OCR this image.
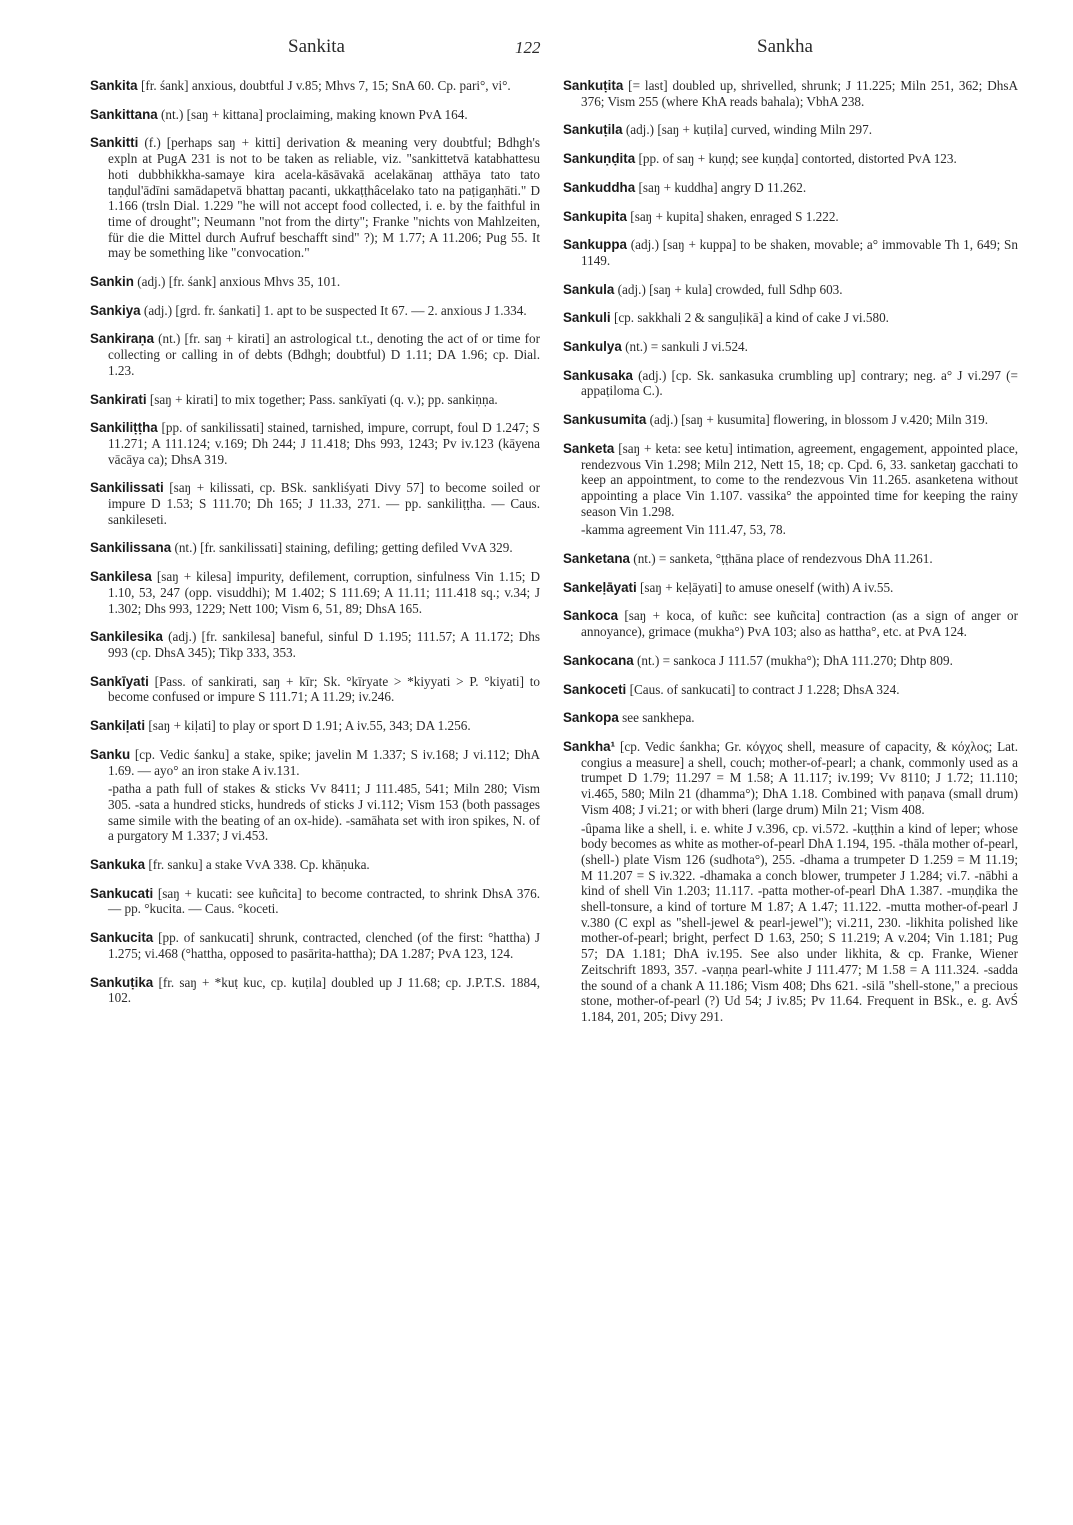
Sankita	122	Sankha

Sankita [fr. śank] anxious, doubtful J v.85; Mhvs 7, 15; SnA 60. Cp. pari°, vi°.

Sankittana (nt.) [saŋ + kittana] proclaiming, making known PvA 164.

Sankitti (f.) [perhaps saŋ + kitti] derivation & meaning very doubtful; Bdhgh's expln at PugA 231 is not to be taken as reliable, viz. "sankittetvā katabhattesu hoti dubbhikkha-samaye kira acela-kāsāvakā acelakānaŋ atthāya tato tato taṇḍul'ādīni samādapetvā bhattaŋ pacanti, ukkaṭṭhâcelako tato na paṭigaṇhāti." D 1.166 (trsln Dial. 1.229 "he will not accept food collected, i. e. by the faithful in time of drought"; Neumann "not from the dirty"; Franke "nichts von Mahlzeiten, für die die Mittel durch Aufruf beschafft sind" ?); M 1.77; A 11.206; Pug 55. It may be something like "convocation."

Sankin (adj.) [fr. śank] anxious Mhvs 35, 101.

Sankiya (adj.) [grd. fr. śankati] 1. apt to be suspected It 67. — 2. anxious J 1.334.

Sankiraṇa (nt.) [fr. saŋ + kirati] an astrological t.t., denoting the act of or time for collecting or calling in of debts (Bdhgh; doubtful) D 1.11; DA 1.96; cp. Dial. 1.23.

Sankirati [saŋ + kirati] to mix together; Pass. sankīyati (q. v.); pp. sankiṇṇa.

Sankiliṭṭha [pp. of sankilissati] stained, tarnished, impure, corrupt, foul D 1.247; S 11.271; A 111.124; v.169; Dh 244; J 11.418; Dhs 993, 1243; Pv iv.123 (kāyena vācāya ca); DhsA 319.

Sankilissati [saŋ + kilissati, cp. BSk. sankliśyati Divy 57] to become soiled or impure D 1.53; S 111.70; Dh 165; J 11.33, 271. — pp. sankiliṭṭha. — Caus. sankileseti.

Sankilissana (nt.) [fr. sankilissati] staining, defiling; getting defiled VvA 329.

Sankilesa [saŋ + kilesa] impurity, defilement, corruption, sinfulness Vin 1.15; D 1.10, 53, 247 (opp. visuddhi); M 1.402; S 111.69; A 11.11; 111.418 sq.; v.34; J 1.302; Dhs 993, 1229; Nett 100; Vism 6, 51, 89; DhsA 165.

Sankilesika (adj.) [fr. sankilesa] baneful, sinful D 1.195; 111.57; A 11.172; Dhs 993 (cp. DhsA 345); Tikp 333, 353.

Sankīyati [Pass. of sankirati, saŋ + kīr; Sk. °kīryate > *kiyyati > P. °kiyati] to become confused or impure S 111.71; A 11.29; iv.246.

Sankiḷati [saŋ + kiḷati] to play or sport D 1.91; A iv.55, 343; DA 1.256.

Sanku [cp. Vedic śanku] a stake, spike; javelin M 1.337; S iv.168; J vi.112; DhA 1.69. — ayo° an iron stake A iv.131.

-patha a path full of stakes & sticks Vv 8411; J 111.485, 541; Miln 280; Vism 305. -sata a hundred sticks, hundreds of sticks J vi.112; Vism 153 (both passages same simile with the beating of an ox-hide). -samāhata set with iron spikes, N. of a purgatory M 1.337; J vi.453.

Sankuka [fr. sanku] a stake VvA 338. Cp. khāṇuka.

Sankucati [saŋ + kucati: see kuñcita] to become contracted, to shrink DhsA 376. — pp. °kucita. — Caus. °koceti.

Sankucita [pp. of sankucati] shrunk, contracted, clenched (of the first: °hattha) J 1.275; vi.468 (°hattha, opposed to pasārita-hattha); DA 1.287; PvA 123, 124.

Sankuṭika [fr. saŋ + *kuṭ kuc, cp. kuṭila] doubled up J 11.68; cp. J.P.T.S. 1884, 102.

Sankuṭita [= last] doubled up, shrivelled, shrunk; J 11.225; Miln 251, 362; DhsA 376; Vism 255 (where KhA reads bahala); VbhA 238.

Sankuṭila (adj.) [saŋ + kuṭila] curved, winding Miln 297.

Sankuṇḍita [pp. of saŋ + kuṇḍ; see kuṇḍa] contorted, distorted PvA 123.

Sankuddha [saŋ + kuddha] angry D 11.262.

Sankupita [saŋ + kupita] shaken, enraged S 1.222.

Sankuppa (adj.) [saŋ + kuppa] to be shaken, movable; a° immovable Th 1, 649; Sn 1149.

Sankula (adj.) [saŋ + kula] crowded, full Sdhp 603.

Sankuli [cp. sakkhali 2 & sanguḷikā] a kind of cake J vi.580.

Sankulya (nt.) = sankuli J vi.524.

Sankusaka (adj.) [cp. Sk. sankasuka crumbling up] contrary; neg. a° J vi.297 (= appaṭiloma C.).

Sankusumita (adj.) [saŋ + kusumita] flowering, in blossom J v.420; Miln 319.

Sanketa [saŋ + keta: see ketu] intimation, agreement, engagement, appointed place, rendezvous Vin 1.298; Miln 212, Nett 15, 18; cp. Cpd. 6, 33. sanketaŋ gacchati to keep an appointment, to come to the rendezvous Vin 11.265. asanketena without appointing a place Vin 1.107. vassika° the appointed time for keeping the rainy season Vin 1.298.

-kamma agreement Vin 111.47, 53, 78.

Sanketana (nt.) = sanketa, °ṭṭhāna place of rendezvous DhA 11.261.

Sankeḷāyati [saŋ + keḷāyati] to amuse oneself (with) A iv.55.

Sankoca [saŋ + koca, of kuñc: see kuñcita] contraction (as a sign of anger or annoyance), grimace (mukha°) PvA 103; also as hattha°, etc. at PvA 124.

Sankocana (nt.) = sankoca J 111.57 (mukha°); DhA 111.270; Dhtp 809.

Sankoceti [Caus. of sankucati] to contract J 1.228; DhsA 324.

Sankopa see sankhepa.

Sankha¹ [cp. Vedic śankha; Gr. κόγχος shell, measure of capacity, & κόχλος; Lat. congius a measure] a shell, couch; mother-of-pearl; a chank, commonly used as a trumpet D 1.79; 11.297 = M 1.58; A 11.117; iv.199; Vv 8110; J 1.72; 11.110; vi.465, 580; Miln 21 (dhamma°); DhA 1.18. Combined with paṇava (small drum) Vism 408; J vi.21; or with bheri (large drum) Miln 21; Vism 408.

-ûpama like a shell, i. e. white J v.396, cp. vi.572. -kuṭṭhin a kind of leper; whose body becomes as white as mother-of-pearl DhA 1.194, 195. -thāla mother of-pearl, (shell-) plate Vism 126 (sudhota°), 255. -dhama a trumpeter D 1.259 = M 11.19; M 11.207 = S iv.322. -dhamaka a conch blower, trumpeter J 1.284; vi.7. -nābhi a kind of shell Vin 1.203; 11.117. -patta mother-of-pearl DhA 1.387. -muṇḍika the shell-tonsure, a kind of torture M 1.87; A 1.47; 11.122. -mutta mother-of-pearl J v.380 (C expl as "shell-jewel & pearl-jewel"); vi.211, 230. -likhita polished like mother-of-pearl; bright, perfect D 1.63, 250; S 11.219; A v.204; Vin 1.181; Pug 57; DA 1.181; DhA iv.195. See also under likhita, & cp. Franke, Wiener Zeitschrift 1893, 357. -vaṇṇa pearl-white J 111.477; M 1.58 = A 111.324. -sadda the sound of a chank A 11.186; Vism 408; Dhs 621. -silā "shell-stone," a precious stone, mother-of-pearl (?) Ud 54; J iv.85; Pv 11.64. Frequent in BSk., e. g. AvŚ 1.184, 201, 205; Divy 291.
